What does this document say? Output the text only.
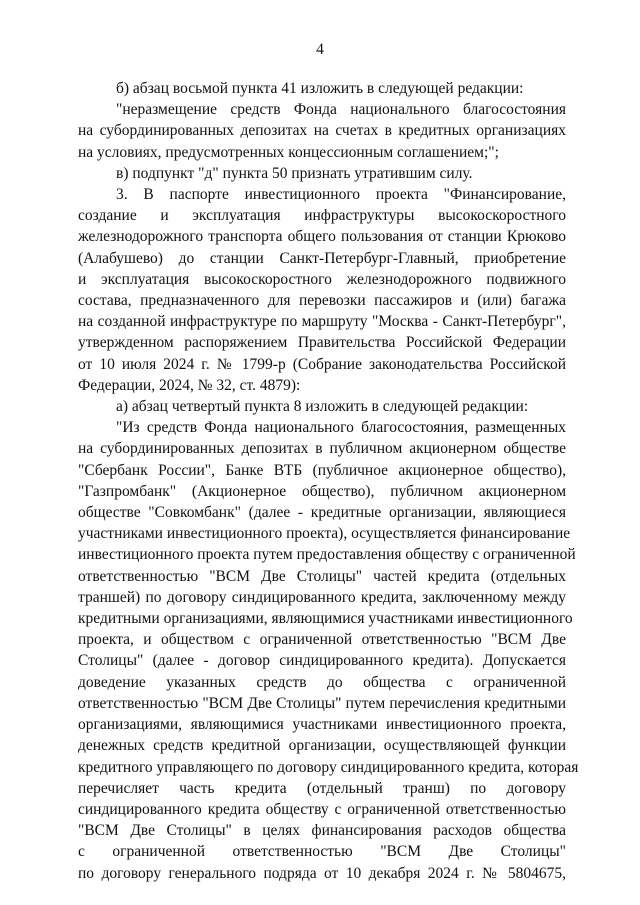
4

б) абзац восьмой пункта 41 изложить в следующей редакции:

"неразмещение средств Фонда национального благосостояния
на субординированных депозитах на счетах в кредитных организациях
на условиях, предусмотренных концессионным соглашением;";

в) подпункт "д" пункта 50 признать утратившим силу.

3. В паспорте инвестиционного проекта "Финансирование,
создание и эксплуатация инфраструктуры высокоскоростного
железнодорожного транспорта общего пользования от станции Крюково
(Алабушево) до станции Санкт-Петербург-Главный, приобретение
и эксплуатация высокоскоростного железнодорожного подвижного
состава, предназначенного для перевозки пассажиров и (или) багажа
на созданной инфраструктуре по маршруту "Москва - Санкт-Петербург",
утвержденном распоряжением Правительства Российской Федерации
от 10 июля 2024 г. № 1799-р (Собрание законодательства Российской
Федерации, 2024, № 32, ст. 4879):

а) абзац четвертый пункта 8 изложить в следующей редакции:

"Из средств Фонда национального благосостояния, размещенных
на субординированных депозитах в публичном акционерном обществе
"Сбербанк России", Банке ВТБ (публичное акционерное общество),
"Газпромбанк" (Акционерное общество), публичном акционерном
обществе "Совкомбанк" (далее - кредитные организации, являющиеся
участниками инвестиционного проекта), осуществляется финансирование
инвестиционного проекта путем предоставления обществу с ограниченной
ответственностью "ВСМ Две Столицы" частей кредита (отдельных
траншей) по договору синдицированного кредита, заключенному между
кредитными организациями, являющимися участниками инвестиционного
проекта, и обществом с ограниченной ответственностью "ВСМ Две
Столицы" (далее - договор синдицированного кредита). Допускается
доведение указанных средств до общества с ограниченной
ответственностью "ВСМ Две Столицы" путем перечисления кредитными
организациями, являющимися участниками инвестиционного проекта,
денежных средств кредитной организации, осуществляющей функции
кредитного управляющего по договору синдицированного кредита, которая
перечисляет часть кредита (отдельный транш) по договору
синдицированного кредита обществу с ограниченной ответственностью
"ВСМ Две Столицы" в целях финансирования расходов общества
с ограниченной ответственностью "ВСМ Две Столицы"
по договору генерального подряда от 10 декабря 2024 г. № 5804675,
